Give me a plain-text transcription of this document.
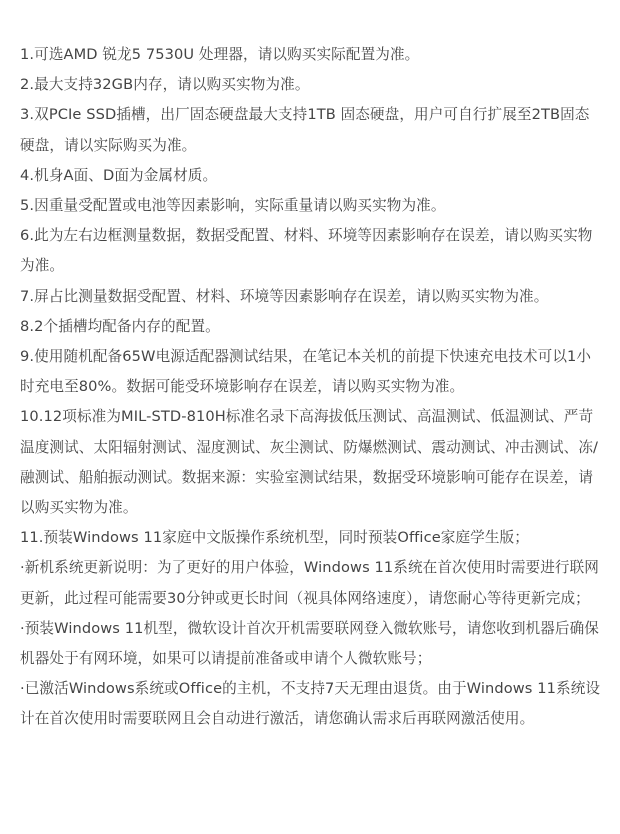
1.可选AMD 锐龙5 7530U 处理器，请以购买实际配置为准。

2.最大支持32GB内存，请以购买实物为准。

3.双PCIe SSD插槽，出厂固态硬盘最大支持1TB 固态硬盘，用户可自行扩展至2TB固态硬盘，请以实际购买为准。

4.机身A面、D面为金属材质。

5.因重量受配置或电池等因素影响，实际重量请以购买实物为准。

6.此为左右边框测量数据，数据受配置、材料、环境等因素影响存在误差，请以购买实物为准。

7.屏占比测量数据受配置、材料、环境等因素影响存在误差，请以购买实物为准。

8.2个插槽均配备内存的配置。

9.使用随机配备65W电源适配器测试结果，在笔记本关机的前提下快速充电技术可以1小时充电至80%。数据可能受环境影响存在误差，请以购买实物为准。

10.12项标准为MIL-STD-810H标准名录下高海拔低压测试、高温测试、低温测试、严苛温度测试、太阳辐射测试、湿度测试、灰尘测试、防爆燃测试、震动测试、冲击测试、冻/融测试、船舶振动测试。数据来源：实验室测试结果，数据受环境影响可能存在误差，请以购买实物为准。

11.预装Windows 11家庭中文版操作系统机型，同时预装Office家庭学生版；

·新机系统更新说明：为了更好的用户体验，Windows 11系统在首次使用时需要进行联网更新，此过程可能需要30分钟或更长时间（视具体网络速度），请您耐心等待更新完成；

·预装Windows 11机型，微软设计首次开机需要联网登入微软账号，请您收到机器后确保机器处于有网环境，如果可以请提前准备或申请个人微软账号；

·已激活Windows系统或Office的主机，不支持7天无理由退货。由于Windows 11系统设计在首次使用时需要联网且会自动进行激活，请您确认需求后再联网激活使用。
